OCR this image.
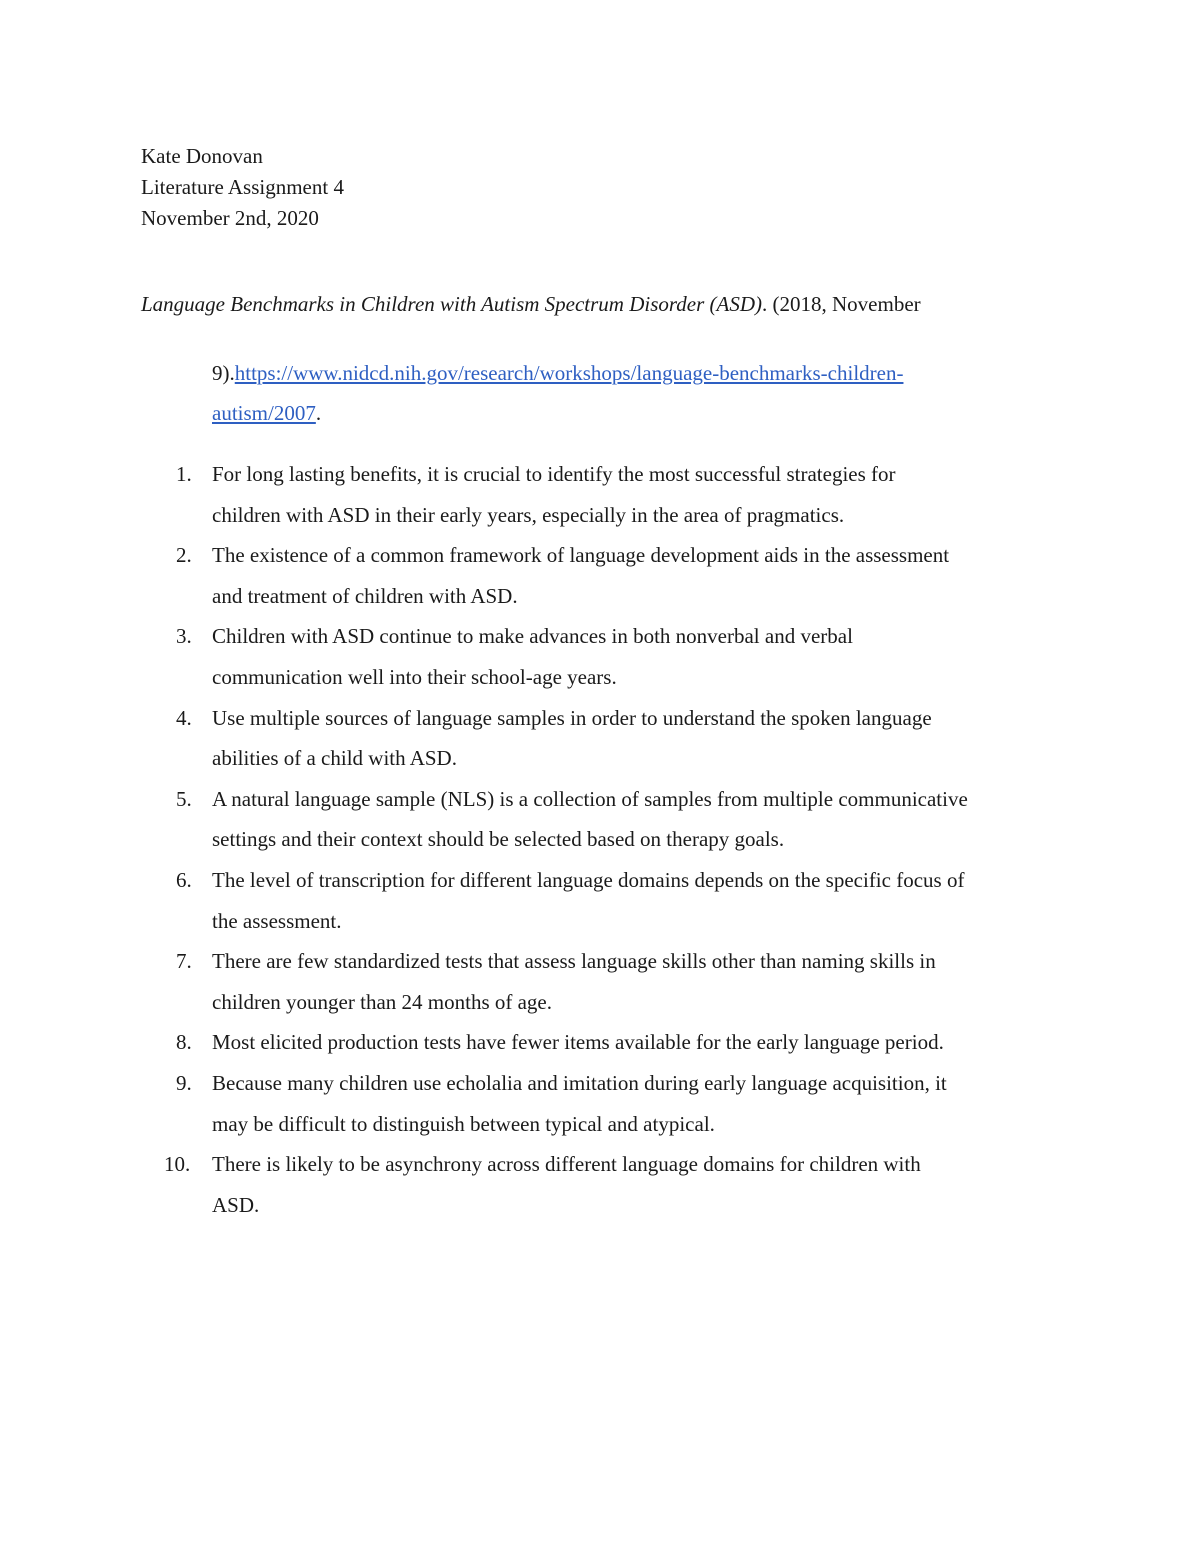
Kate Donovan
Literature Assignment 4
November 2nd, 2020
Language Benchmarks in Children with Autism Spectrum Disorder (ASD). (2018, November
9).https://www.nidcd.nih.gov/research/workshops/language-benchmarks-children-
autism/2007.
1. For long lasting benefits, it is crucial to identify the most successful strategies for
children with ASD in their early years, especially in the area of pragmatics.
2. The existence of a common framework of language development aids in the assessment
and treatment of children with ASD.
3. Children with ASD continue to make advances in both nonverbal and verbal
communication well into their school-age years.
4. Use multiple sources of language samples in order to understand the spoken language
abilities of a child with ASD.
5. A natural language sample (NLS) is a collection of samples from multiple communicative
settings and their context should be selected based on therapy goals.
6. The level of transcription for different language domains depends on the specific focus of
the assessment.
7. There are few standardized tests that assess language skills other than naming skills in
children younger than 24 months of age.
8. Most elicited production tests have fewer items available for the early language period.
9. Because many children use echolalia and imitation during early language acquisition, it
may be difficult to distinguish between typical and atypical.
10. There is likely to be asynchrony across different language domains for children with
ASD.
